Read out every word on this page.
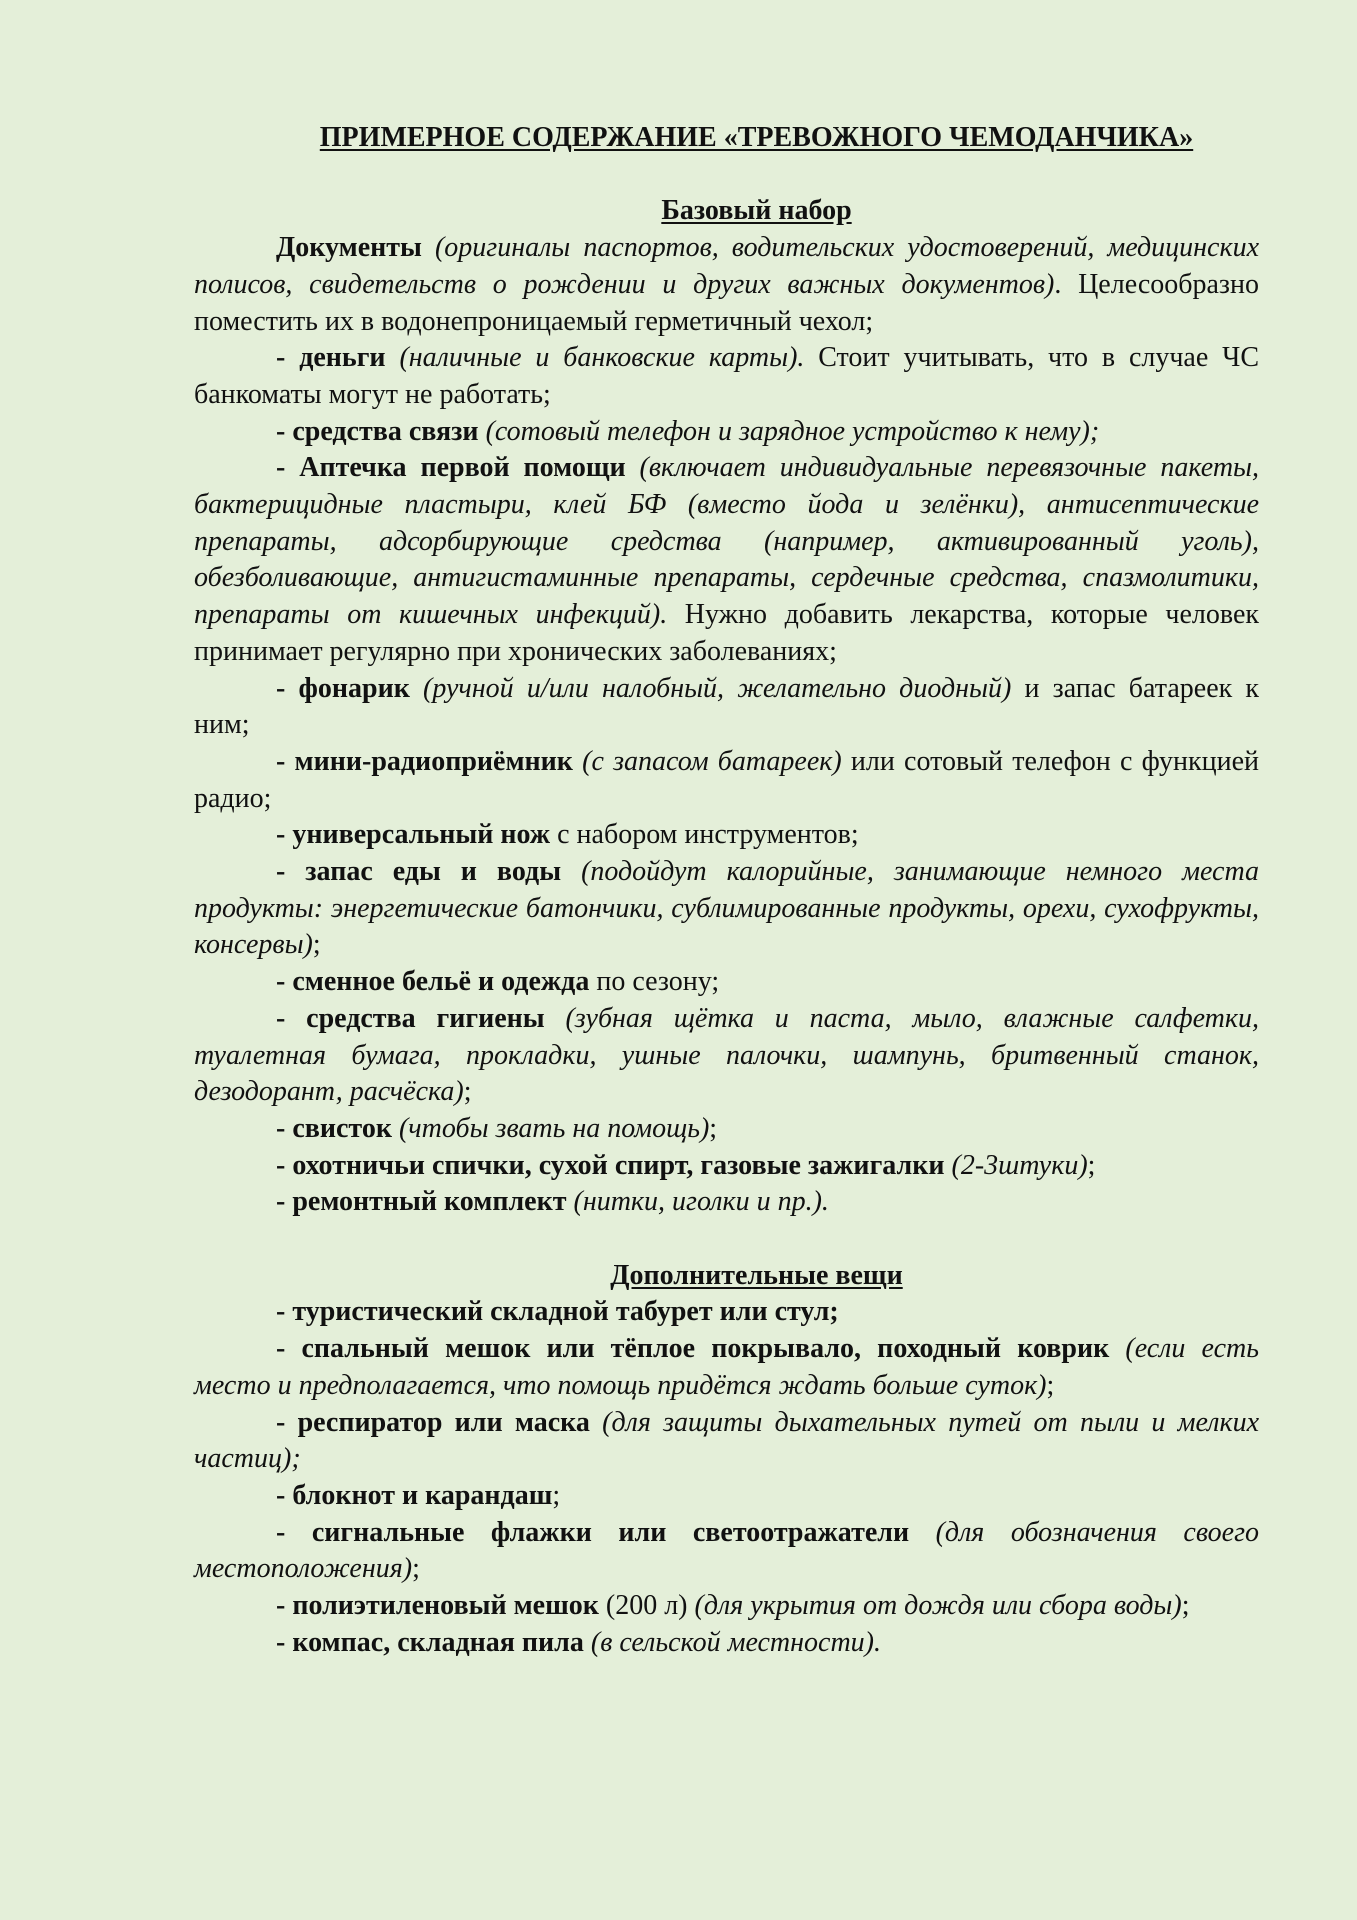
ПРИМЕРНОЕ СОДЕРЖАНИЕ «ТРЕВОЖНОГО ЧЕМОДАНЧИКА»
Базовый набор

Документы (оригиналы паспортов, водительских удостоверений, медицинских полисов, свидетельств о рождении и других важных документов). Целесообразно поместить их в водонепроницаемый герметичный чехол;

- деньги (наличные и банковские карты). Стоит учитывать, что в случае ЧС банкоматы могут не работать;

- средства связи (сотовый телефон и зарядное устройство к нему);

- Аптечка первой помощи (включает индивидуальные перевязочные пакеты, бактерицидные пластыри, клей БФ (вместо йода и зелёнки), антисептические препараты, адсорбирующие средства (например, активированный уголь), обезболивающие, антигистаминные препараты, сердечные средства, спазмолитики, препараты от кишечных инфекций). Нужно добавить лекарства, которые человек принимает регулярно при хронических заболеваниях;

- фонарик (ручной и/или налобный, желательно диодный) и запас батареек к ним;

- мини-радиоприёмник (с запасом батареек) или сотовый телефон с функцией радио;

- универсальный нож с набором инструментов;

- запас еды и воды (подойдут калорийные, занимающие немного места продукты: энергетические батончики, сублимированные продукты, орехи, сухофрукты, консервы);

- сменное бельё и одежда по сезону;

- средства гигиены (зубная щётка и паста, мыло, влажные салфетки, туалетная бумага, прокладки, ушные палочки, шампунь, бритвенный станок, дезодорант, расчёска);

- свисток (чтобы звать на помощь);

- охотничьи спички, сухой спирт, газовые зажигалки (2-3штуки);

- ремонтный комплект (нитки, иголки и пр.).

Дополнительные вещи

- туристический складной табурет или стул;

- спальный мешок или тёплое покрывало, походный коврик (если есть место и предполагается, что помощь придётся ждать больше суток);

- респиратор или маска (для защиты дыхательных путей от пыли и мелких частиц);

- блокнот и карандаш;

- сигнальные флажки или светоотражатели (для обозначения своего местоположения);

- полиэтиленовый мешок (200 л) (для укрытия от дождя или сбора воды);

- компас, складная пила (в сельской местности).
